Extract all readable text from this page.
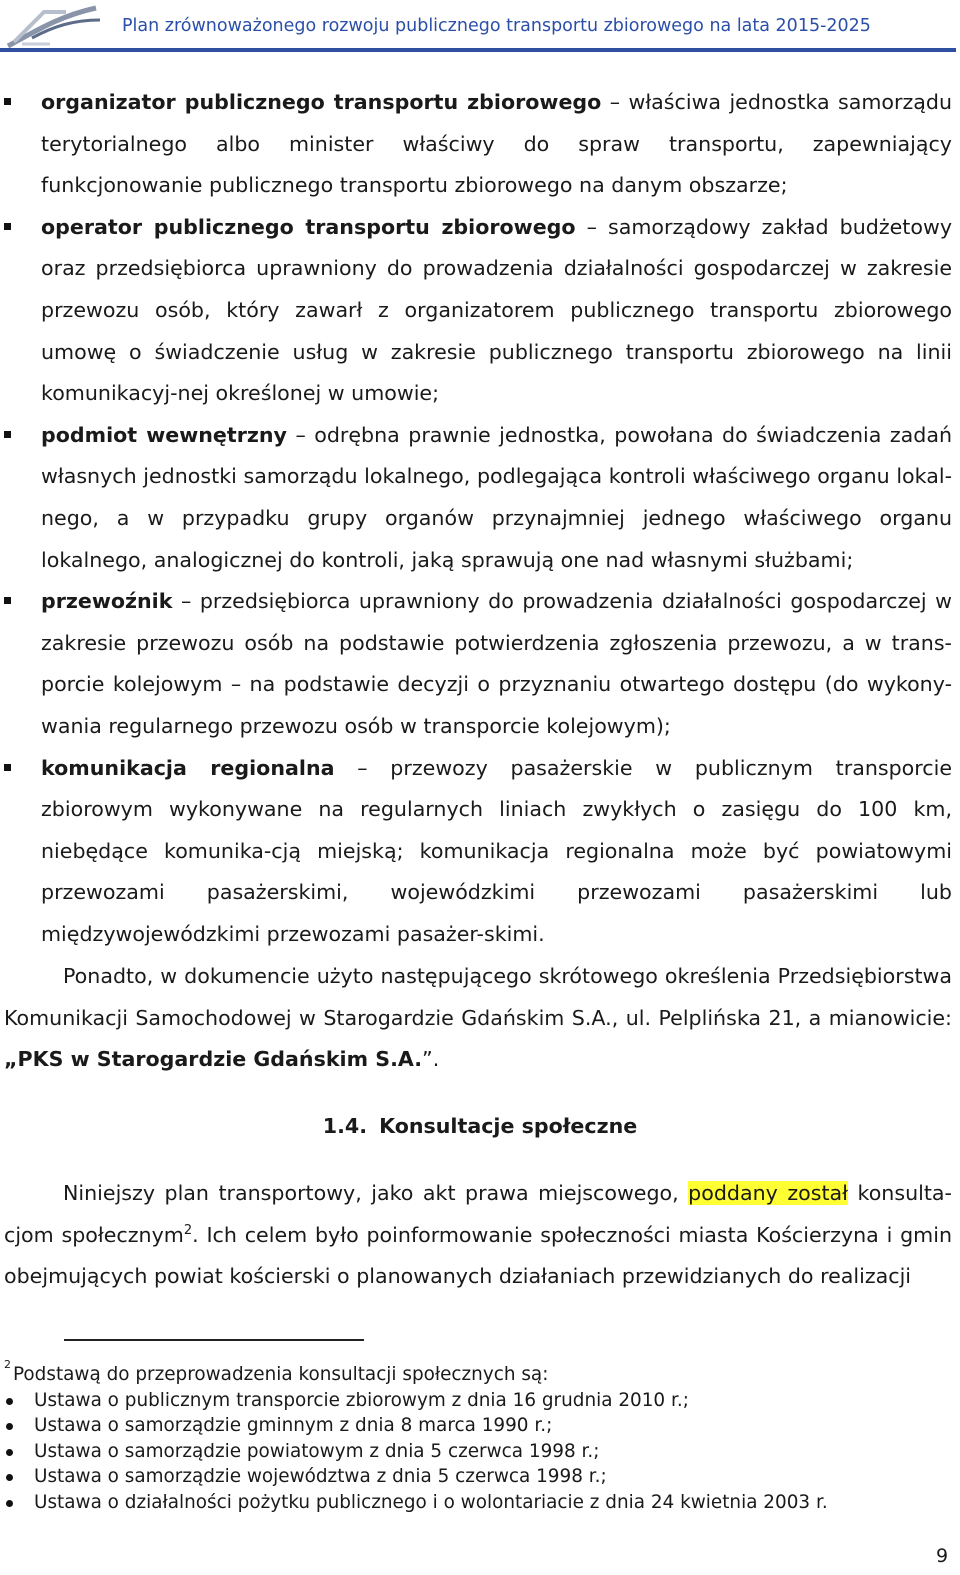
Plan zrównoważonego rozwoju publicznego transportu zbiorowego na lata 2015-2025
organizator publicznego transportu zbiorowego – właściwa jednostka samorządu terytorialnego albo minister właściwy do spraw transportu, zapewniający funkcjonowanie publicznego transportu zbiorowego na danym obszarze;
operator publicznego transportu zbiorowego – samorządowy zakład budżetowy oraz przedsiębiorca uprawniony do prowadzenia działalności gospodarczej w zakresie przewozu osób, który zawarł z organizatorem publicznego transportu zbiorowego umowę o świadczenie usług w zakresie publicznego transportu zbiorowego na linii komunikacyj-nej określonej w umowie;
podmiot wewnętrzny – odrębna prawnie jednostka, powołana do świadczenia zadań własnych jednostki samorządu lokalnego, podlegająca kontroli właściwego organu lokal-nego, a w przypadku grupy organów przynajmniej jednego właściwego organu lokalnego, analogicznej do kontroli, jaką sprawują one nad własnymi służbami;
przewoźnik – przedsiębiorca uprawniony do prowadzenia działalności gospodarczej w zakresie przewozu osób na podstawie potwierdzenia zgłoszenia przewozu, a w trans-porcie kolejowym – na podstawie decyzji o przyznaniu otwartego dostępu (do wykony-wania regularnego przewozu osób w transporcie kolejowym);
komunikacja regionalna – przewozy pasażerskie w publicznym transporcie zbiorowym wykonywane na regularnych liniach zwykłych o zasięgu do 100 km, niebędące komunika-cją miejską; komunikacja regionalna może być powiatowymi przewozami pasażerskimi, wojewódzkimi przewozami pasażerskimi lub międzywojewódzkimi przewozami pasażer-skimi.

Ponadto, w dokumencie użyto następującego skrótowego określenia Przedsiębiorstwa Komunikacji Samochodowej w Starogardzie Gdańskim S.A., ul. Pelplińska 21, a mianowicie: „PKS w Starogardzie Gdańskim S.A.”.

1.4. Konsultacje społeczne

Niniejszy plan transportowy, jako akt prawa miejscowego, poddany został konsulta-cjom społecznym$^2$. Ich celem było poinformowanie społeczności miasta Kościerzyna i gmin obejmujących powiat kościerski o planowanych działaniach przewidzianych do realizacji

$^2$ Podstawą do przeprowadzenia konsultacji społecznych są:

Ustawa o publicznym transporcie zbiorowym z dnia 16 grudnia 2010 r.;
Ustawa o samorządzie gminnym z dnia 8 marca 1990 r.;
Ustawa o samorządzie powiatowym z dnia 5 czerwca 1998 r.;
Ustawa o samorządzie województwa z dnia 5 czerwca 1998 r.;
Ustawa o działalności pożytku publicznego i o wolontariacie z dnia 24 kwietnia 2003 r.
9
